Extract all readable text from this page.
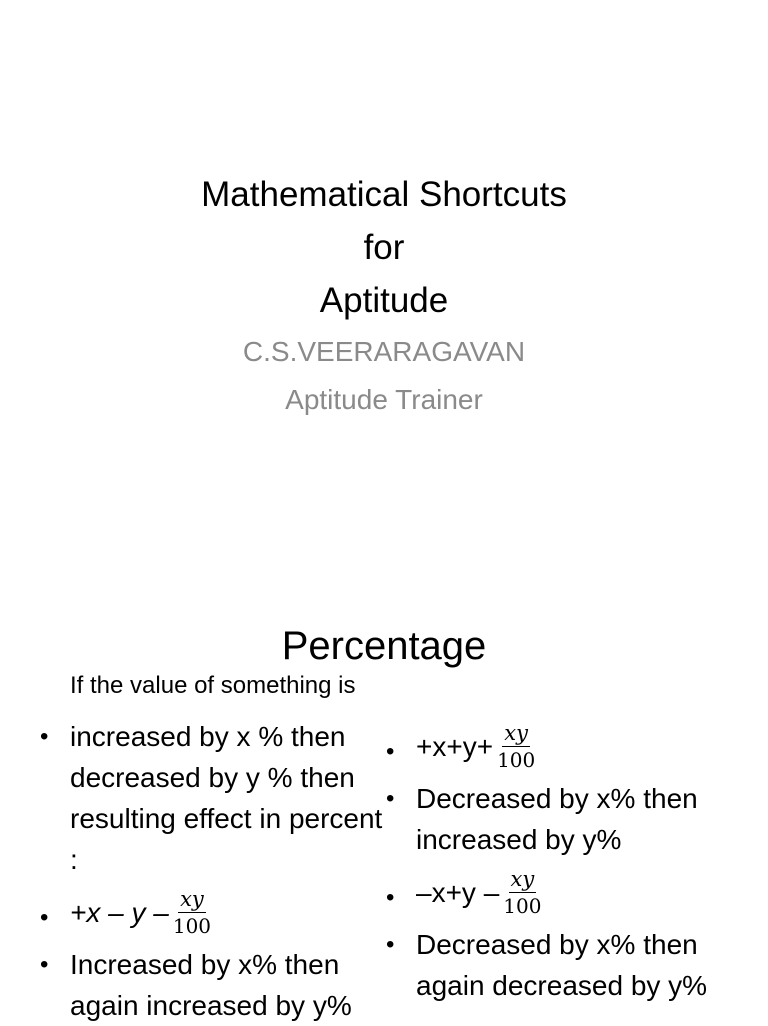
Mathematical Shortcuts
for
Aptitude
C.S.VEERARAGAVAN
Aptitude Trainer
Percentage
If the value of something is
• increased by x % then decreased by y % then resulting effect in percent :
• $+x - y - \frac{xy}{100}$
• Increased by x% then again increased by y%
• $+x+y+ \frac{xy}{100}$
• Decreased by x% then increased by y%
• $-x+y - \frac{xy}{100}$
• Decreased by x% then again decreased by y%
